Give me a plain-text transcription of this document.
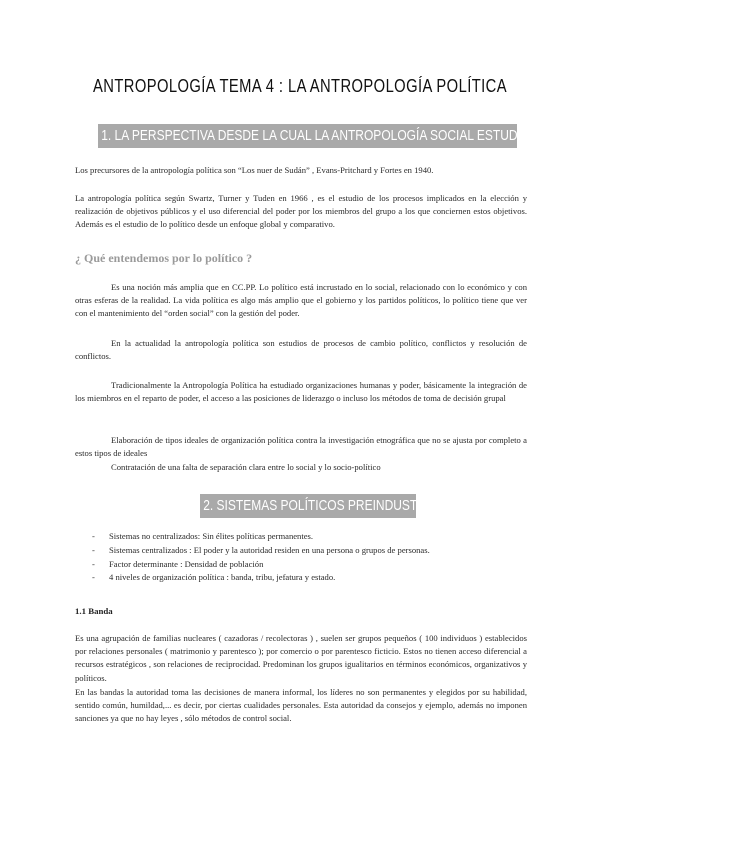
ANTROPOLOGÍA TEMA 4 : LA ANTROPOLOGÍA POLÍTICA
1. LA PERSPECTIVA DESDE LA CUAL LA ANTROPOLOGÍA SOCIAL ESTUDIA LO POLÍTICO

Los precursores de la antropología política son “Los nuer de Sudán” , Evans-Pritchard y Fortes en 1940.

La antropología política según Swartz, Turner y Tuden en 1966 , es el estudio de los procesos implicados en la elección y realización de objetivos públicos y el uso diferencial del poder por los miembros del grupo a los que conciernen estos objetivos. Además es el estudio de lo político desde un enfoque global y comparativo.

¿ Qué entendemos por lo político ?

Es una noción más amplia que en CC.PP. Lo político está incrustado en lo social, relacionado con lo económico y con otras esferas de la realidad. La vida política es algo más amplio que el gobierno y los partidos políticos, lo político tiene que ver con el mantenimiento del “orden social” con la gestión del poder.

En la actualidad la antropología política son estudios de procesos de cambio político, conflictos y resolución de conflictos.

Tradicionalmente la Antropología Política ha estudiado organizaciones humanas y poder, básicamente la integración de los miembros en el reparto de poder, el acceso a las posiciones de liderazgo o incluso los métodos de toma de decisión grupal

Elaboración de tipos ideales de organización política contra la investigación etnográfica que no se ajusta por completo a estos tipos de ideales

Contratación de una falta de separación clara entre lo social y lo socio-político

2. SISTEMAS POLÍTICOS PREINDUSTRIALES
- Sistemas no centralizados: Sin élites políticas permanentes.
- Sistemas centralizados : El poder y la autoridad residen en una persona o grupos de personas.
- Factor determinante : Densidad de población
- 4 niveles de organización política : banda, tribu, jefatura y estado.
1.1 Banda

Es una agrupación de familias nucleares ( cazadoras / recolectoras ) , suelen ser grupos pequeños ( 100 individuos ) establecidos por relaciones personales ( matrimonio y parentesco ); por comercio o por parentesco ficticio. Estos no tienen acceso diferencial a recursos estratégicos , son relaciones de reciprocidad. Predominan los grupos igualitarios en términos económicos, organizativos y políticos.

En las bandas la autoridad toma las decisiones de manera informal, los líderes no son permanentes y elegidos por su habilidad, sentido común, humildad,... es decir, por ciertas cualidades personales. Esta autoridad da consejos y ejemplo, además no imponen sanciones ya que no hay leyes , sólo métodos de control social.
